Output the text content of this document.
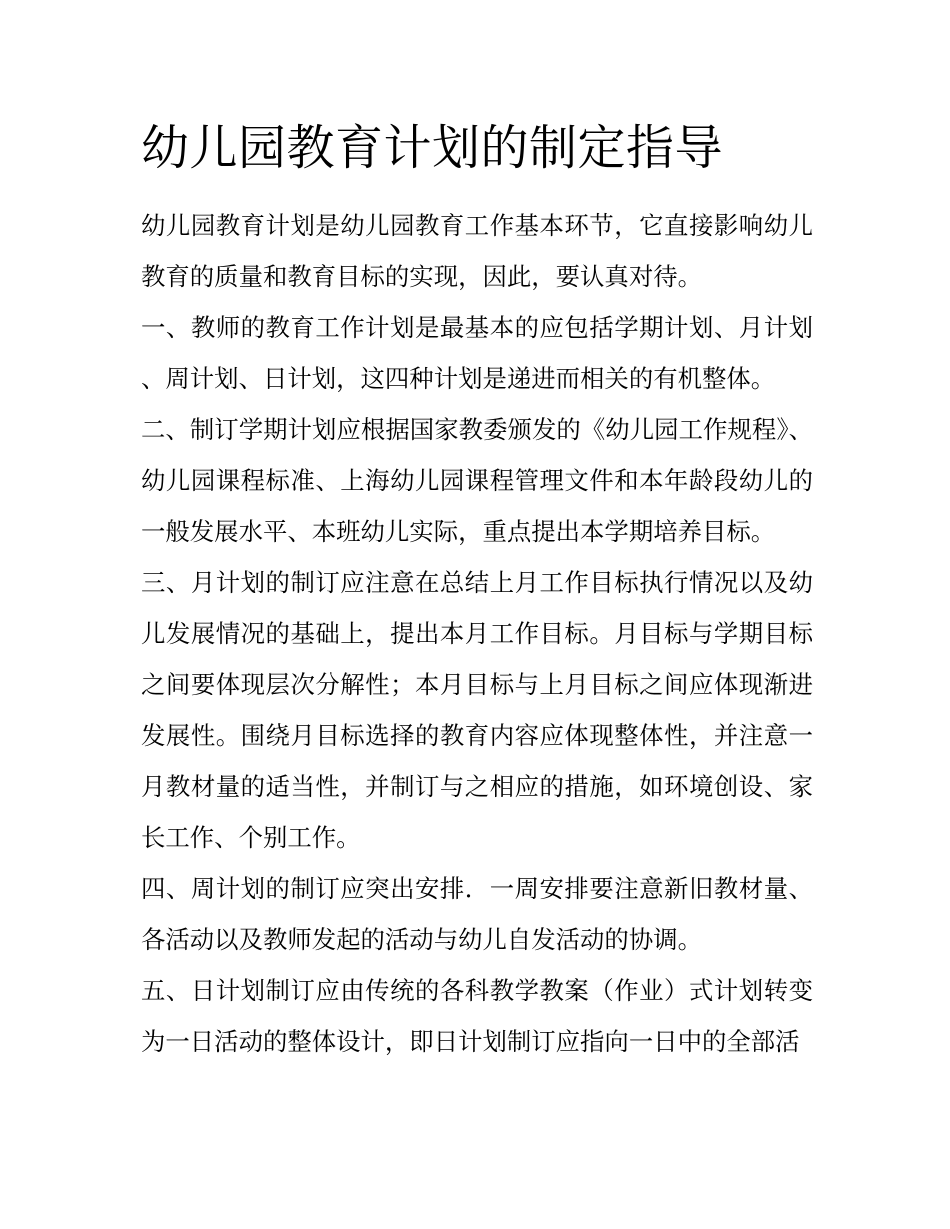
幼儿园教育计划的制定指导

幼儿园教育计划是幼儿园教育工作基本环节，它直接影响幼儿教育的质量和教育目标的实现，因此，要认真对待。

一、教师的教育工作计划是最基本的应包括学期计划、月计划、周计划、日计划，这四种计划是递进而相关的有机整体。

二、制订学期计划应根据国家教委颁发的《幼儿园工作规程》、幼儿园课程标准、上海幼儿园课程管理文件和本年龄段幼儿的一般发展水平、本班幼儿实际，重点提出本学期培养目标。

三、月计划的制订应注意在总结上月工作目标执行情况以及幼儿发展情况的基础上，提出本月工作目标。月目标与学期目标之间要体现层次分解性；本月目标与上月目标之间应体现渐进发展性。围绕月目标选择的教育内容应体现整体性，并注意一月教材量的适当性，并制订与之相应的措施，如环境创设、家长工作、个别工作。

四、周计划的制订应突出安排．一周安排要注意新旧教材量、各活动以及教师发起的活动与幼儿自发活动的协调。

五、日计划制订应由传统的各科教学教案（作业）式计划转变为一日活动的整体设计，即日计划制订应指向一日中的全部活
